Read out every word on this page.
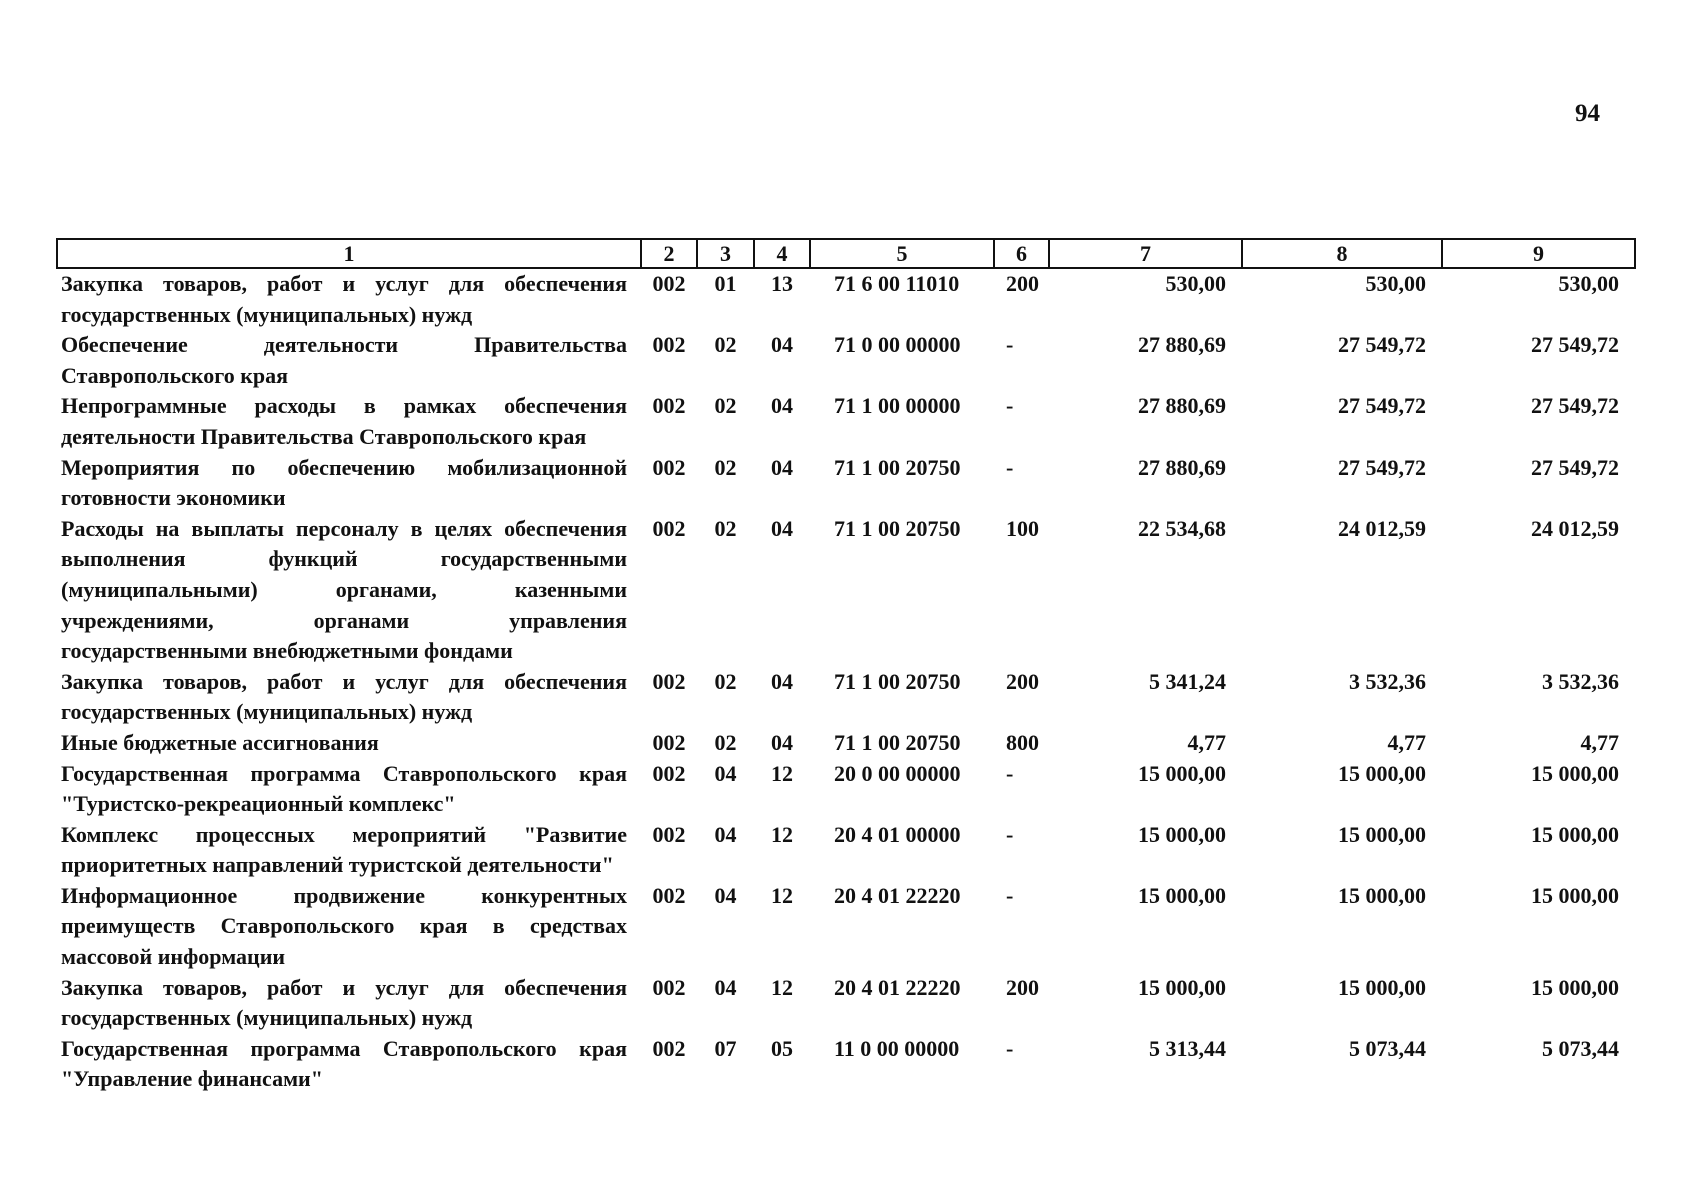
94
1	2	3	4	5	6	7	8	9
Закупка товаров, работ и услуг для обеспечения государственных (муниципальных) нужд	002	01	13	71 6 00 11010	200	530,00	530,00	530,00
Обеспечение деятельности Правительства Ставропольского края	002	02	04	71 0 00 00000	-	27 880,69	27 549,72	27 549,72
Непрограммные расходы в рамках обеспечения деятельности Правительства Ставропольского края	002	02	04	71 1 00 00000	-	27 880,69	27 549,72	27 549,72
Мероприятия по обеспечению мобилизационной готовности экономики	002	02	04	71 1 00 20750	-	27 880,69	27 549,72	27 549,72
Расходы на выплаты персоналу в целях обеспечения выполнения функций государственными (муниципальными) органами, казенными учреждениями, органами управления государственными внебюджетными фондами	002	02	04	71 1 00 20750	100	22 534,68	24 012,59	24 012,59
Закупка товаров, работ и услуг для обеспечения государственных (муниципальных) нужд	002	02	04	71 1 00 20750	200	5 341,24	3 532,36	3 532,36
Иные бюджетные ассигнования	002	02	04	71 1 00 20750	800	4,77	4,77	4,77
Государственная программа Ставропольского края "Туристско-рекреационный комплекс"	002	04	12	20 0 00 00000	-	15 000,00	15 000,00	15 000,00
Комплекс процессных мероприятий "Развитие приоритетных направлений туристской деятельности"	002	04	12	20 4 01 00000	-	15 000,00	15 000,00	15 000,00
Информационное продвижение конкурентных преимуществ Ставропольского края в средствах массовой информации	002	04	12	20 4 01 22220	-	15 000,00	15 000,00	15 000,00
Закупка товаров, работ и услуг для обеспечения государственных (муниципальных) нужд	002	04	12	20 4 01 22220	200	15 000,00	15 000,00	15 000,00
Государственная программа Ставропольского края "Управление финансами"	002	07	05	11 0 00 00000	-	5 313,44	5 073,44	5 073,44
